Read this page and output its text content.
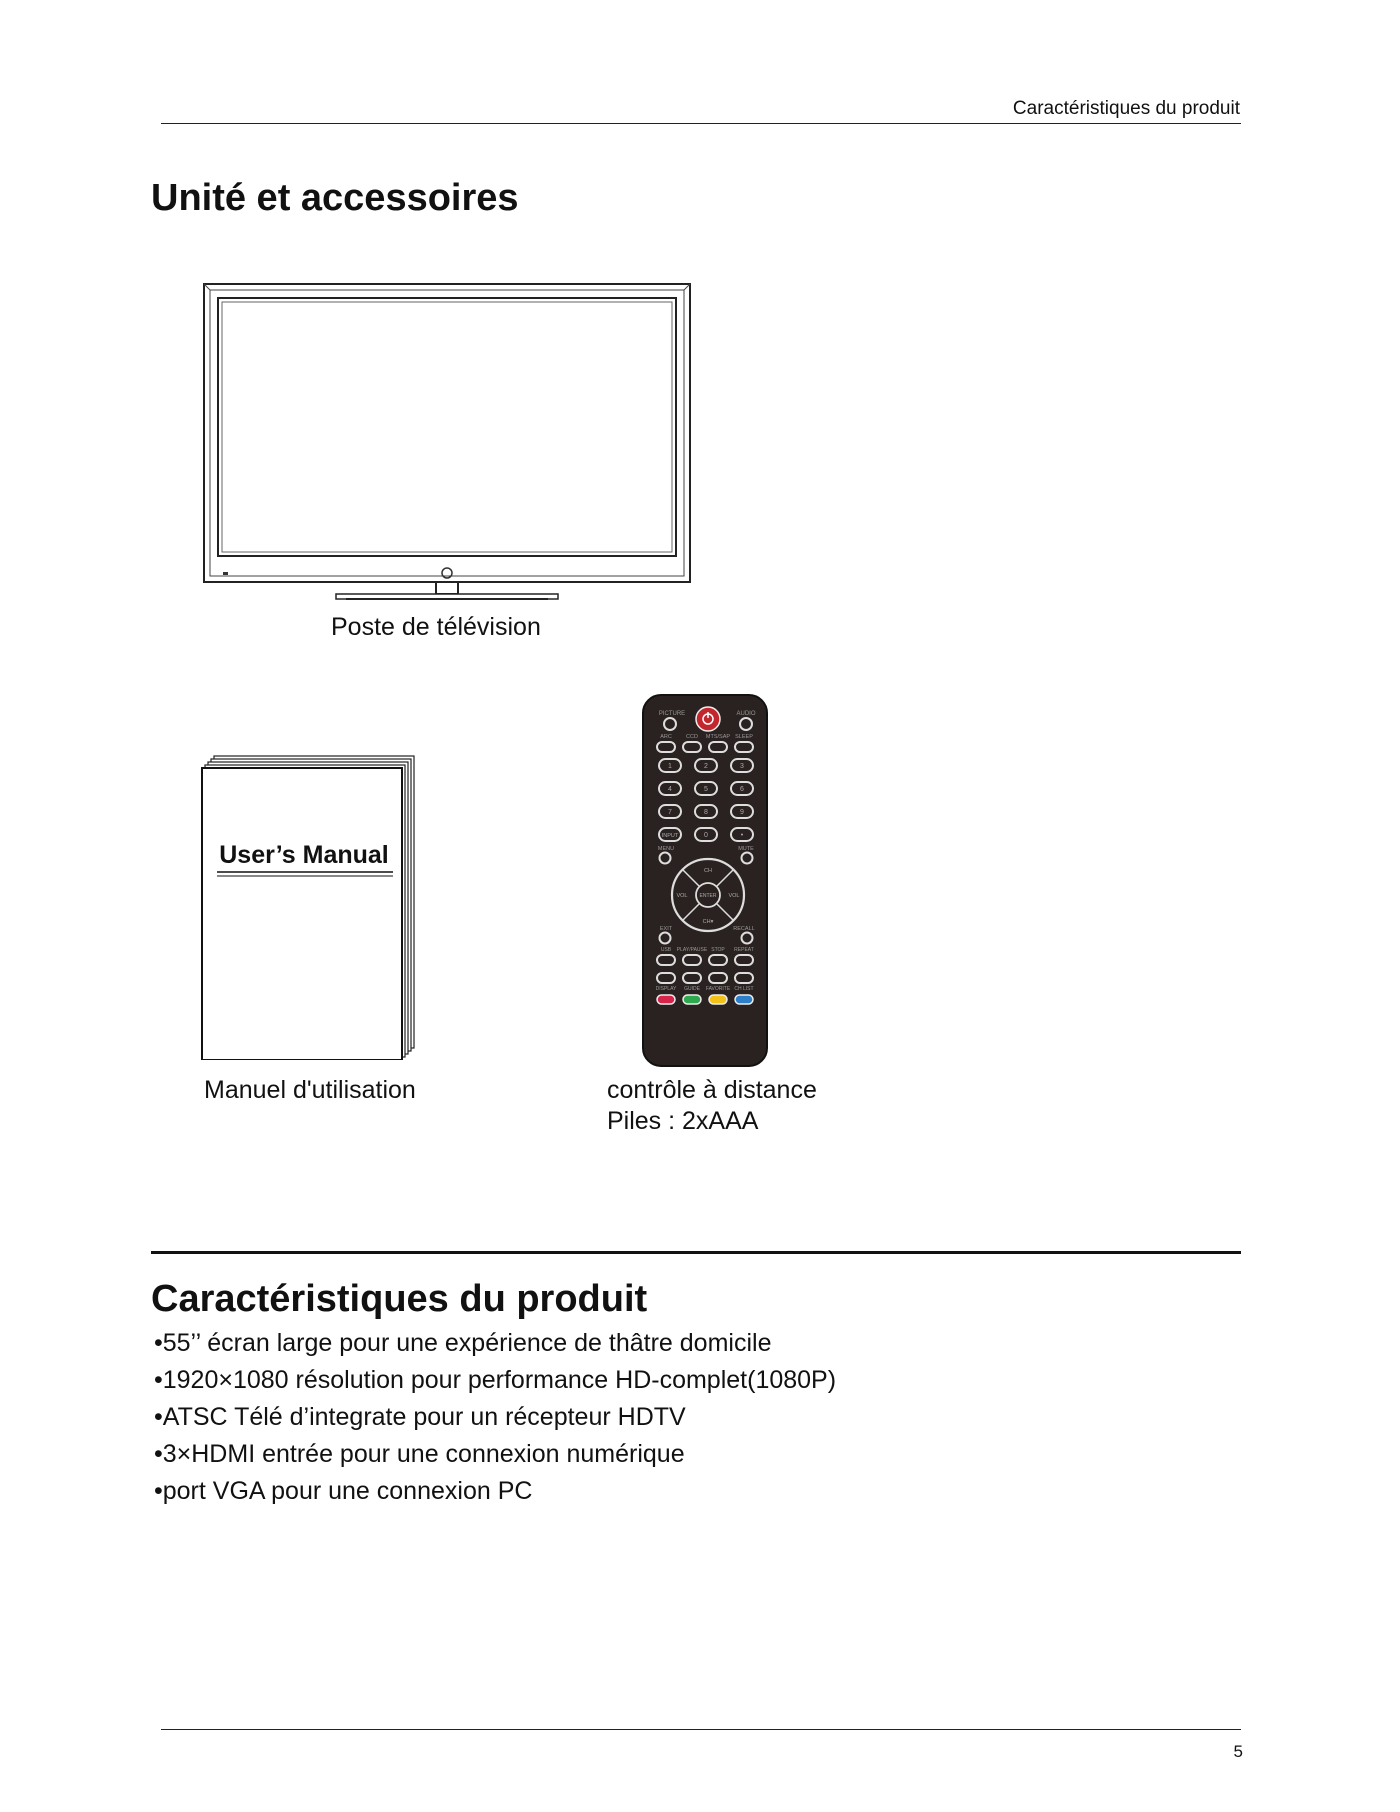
Caractéristiques du produit
Unité et accessoires
Poste de télévision
User’s Manual
Manuel d'utilisation
PICTURE	AUDIO
ARC	CCD MTS/SAP SLEEP
1	2	3
4	5	6
7	8	9
INPUT	0	•
MENU	MUTE
CH
CH▾
VOL	VOL
ENTER
EXIT	RECALL
USB PLAY/PAUSE STOP REPEAT
DISPLAY GUIDE FAVORITE CH LIST
contrôle à distance
Piles : 2xAAA
Caractéristiques du produit
•55’’ écran large pour une expérience de thâtre domicile
•1920×1080 résolution pour performance HD-complet(1080P)
•ATSC Télé d’integrate pour un récepteur HDTV
•3×HDMI entrée pour une connexion numérique
•port VGA pour une connexion PC
5
